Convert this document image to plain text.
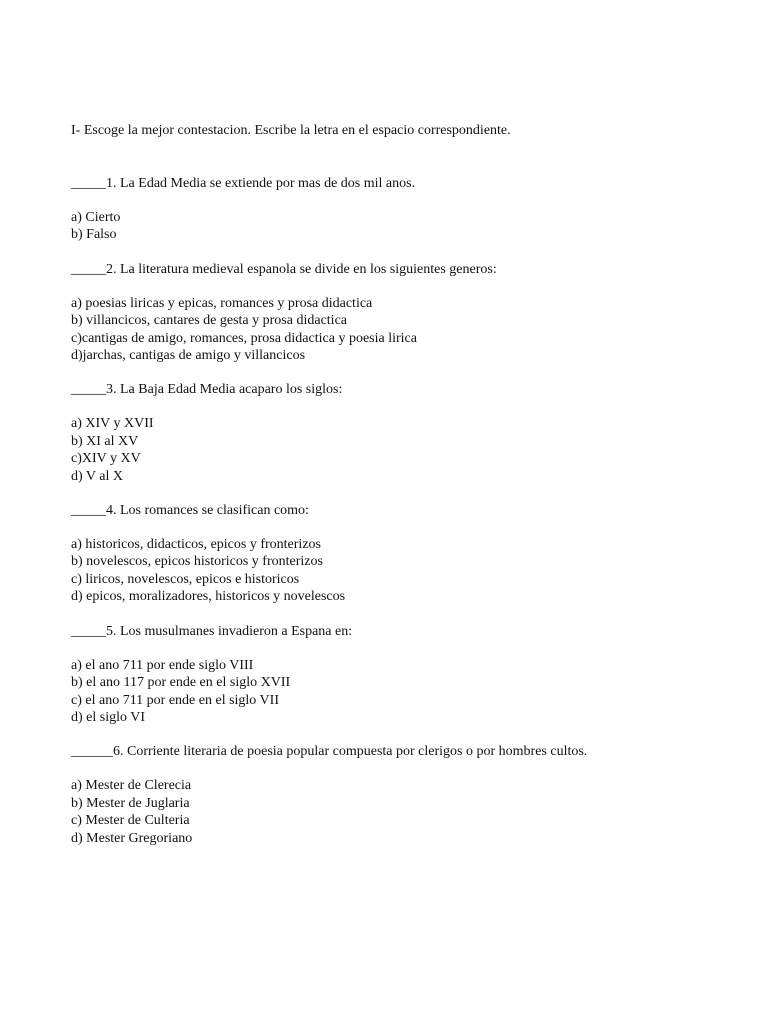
I- Escoge la mejor contestacion. Escribe la letra en el espacio correspondiente.

_____1. La Edad Media se extiende por mas de dos mil anos.

a) Cierto
b) Falso

_____2. La literatura medieval espanola se divide en los siguientes generos:

a) poesias liricas y epicas, romances y prosa didactica
b) villancicos, cantares de gesta y prosa didactica
c)cantigas de amigo, romances, prosa didactica y poesia lirica
d)jarchas, cantigas de amigo y villancicos

_____3. La Baja Edad Media acaparo los siglos:

a) XIV y XVII
b) XI al XV
c)XIV y XV
d) V al X

_____4. Los romances se clasifican como:

a) historicos, didacticos, epicos y fronterizos
b) novelescos, epicos historicos y fronterizos
c) liricos, novelescos, epicos e historicos
d) epicos, moralizadores, historicos y novelescos

_____5. Los musulmanes invadieron a Espana en:

a) el ano 711 por ende siglo VIII
b) el ano 117 por ende en el siglo XVII
c) el ano 711 por ende en el siglo VII
d) el siglo VI

______6. Corriente literaria de poesia popular compuesta por clerigos o por hombres cultos.

a) Mester de Clerecia
b) Mester de Juglaria
c) Mester de Culteria
d) Mester Gregoriano
